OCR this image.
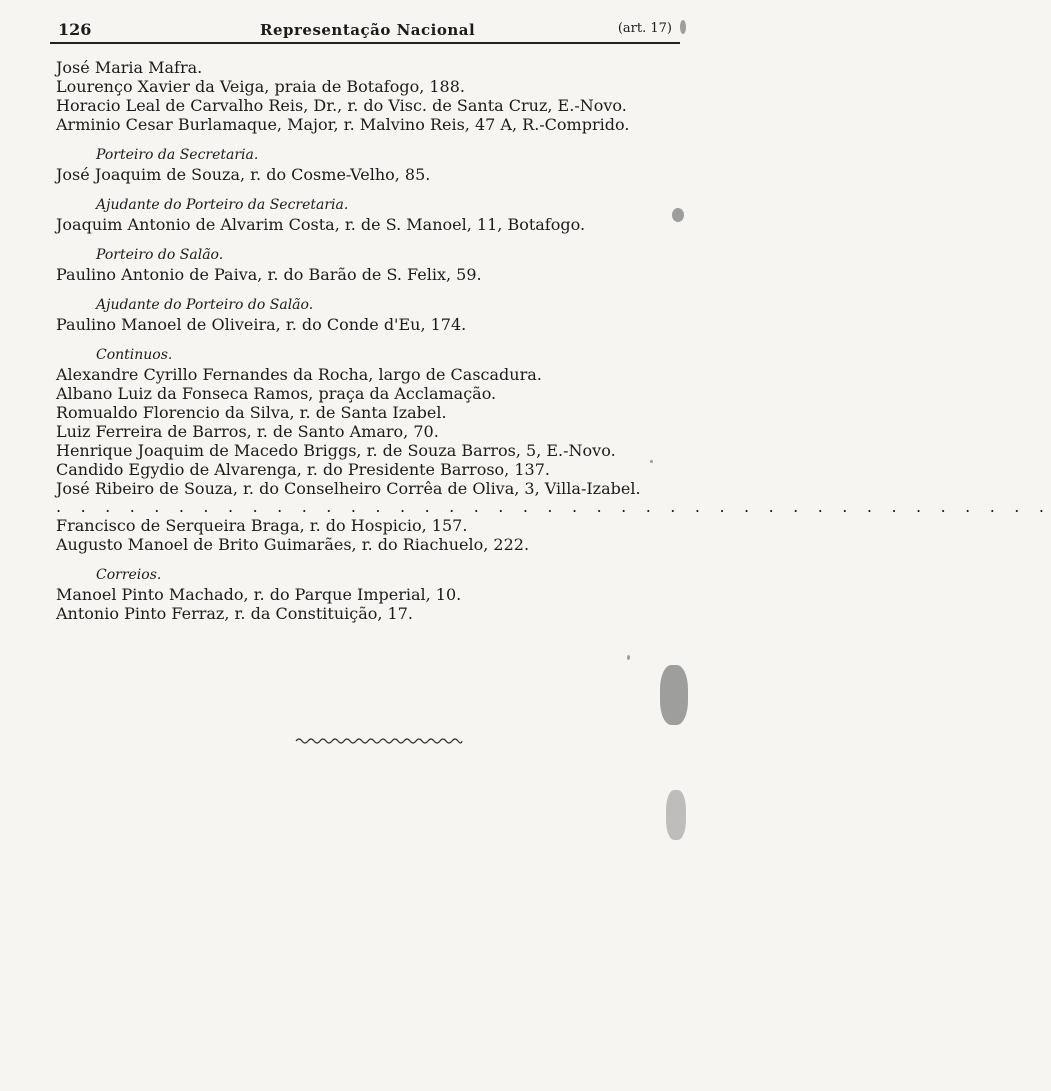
126	Representação Nacional	(art. 17)

José Maria Mafra.

Lourenço Xavier da Veiga, praia de Botafogo, 188.

Horacio Leal de Carvalho Reis, Dr., r. do Visc. de Santa Cruz, E.-Novo.

Arminio Cesar Burlamaque, Major, r. Malvino Reis, 47 A, R.-Comprido.

Porteiro da Secretaria.

José Joaquim de Souza, r. do Cosme-Velho, 85.

Ajudante do Porteiro da Secretaria.

Joaquim Antonio de Alvarim Costa, r. de S. Manoel, 11, Botafogo.

Porteiro do Salão.

Paulino Antonio de Paiva, r. do Barão de S. Felix, 59.

Ajudante do Porteiro do Salão.

Paulino Manoel de Oliveira, r. do Conde d'Eu, 174.

Continuos.

Alexandre Cyrillo Fernandes da Rocha, largo de Cascadura.

Albano Luiz da Fonseca Ramos, praça da Acclamação.

Romualdo Florencio da Silva, r. de Santa Izabel.

Luiz Ferreira de Barros, r. de Santo Amaro, 70.

Henrique Joaquim de Macedo Briggs, r. de Souza Barros, 5, E.-Novo.

Candido Egydio de Alvarenga, r. do Presidente Barroso, 137.

José Ribeiro de Souza, r. do Conselheiro Corrêa de Oliva, 3, Villa-Izabel.

. . . . . . . . . . . . . . . . . . . . . . . . . . . . . . . . . . . . . . . . .

Francisco de Serqueira Braga, r. do Hospicio, 157.

Augusto Manoel de Brito Guimarães, r. do Riachuelo, 222.

Correios.

Manoel Pinto Machado, r. do Parque Imperial, 10.

Antonio Pinto Ferraz, r. da Constituição, 17.
